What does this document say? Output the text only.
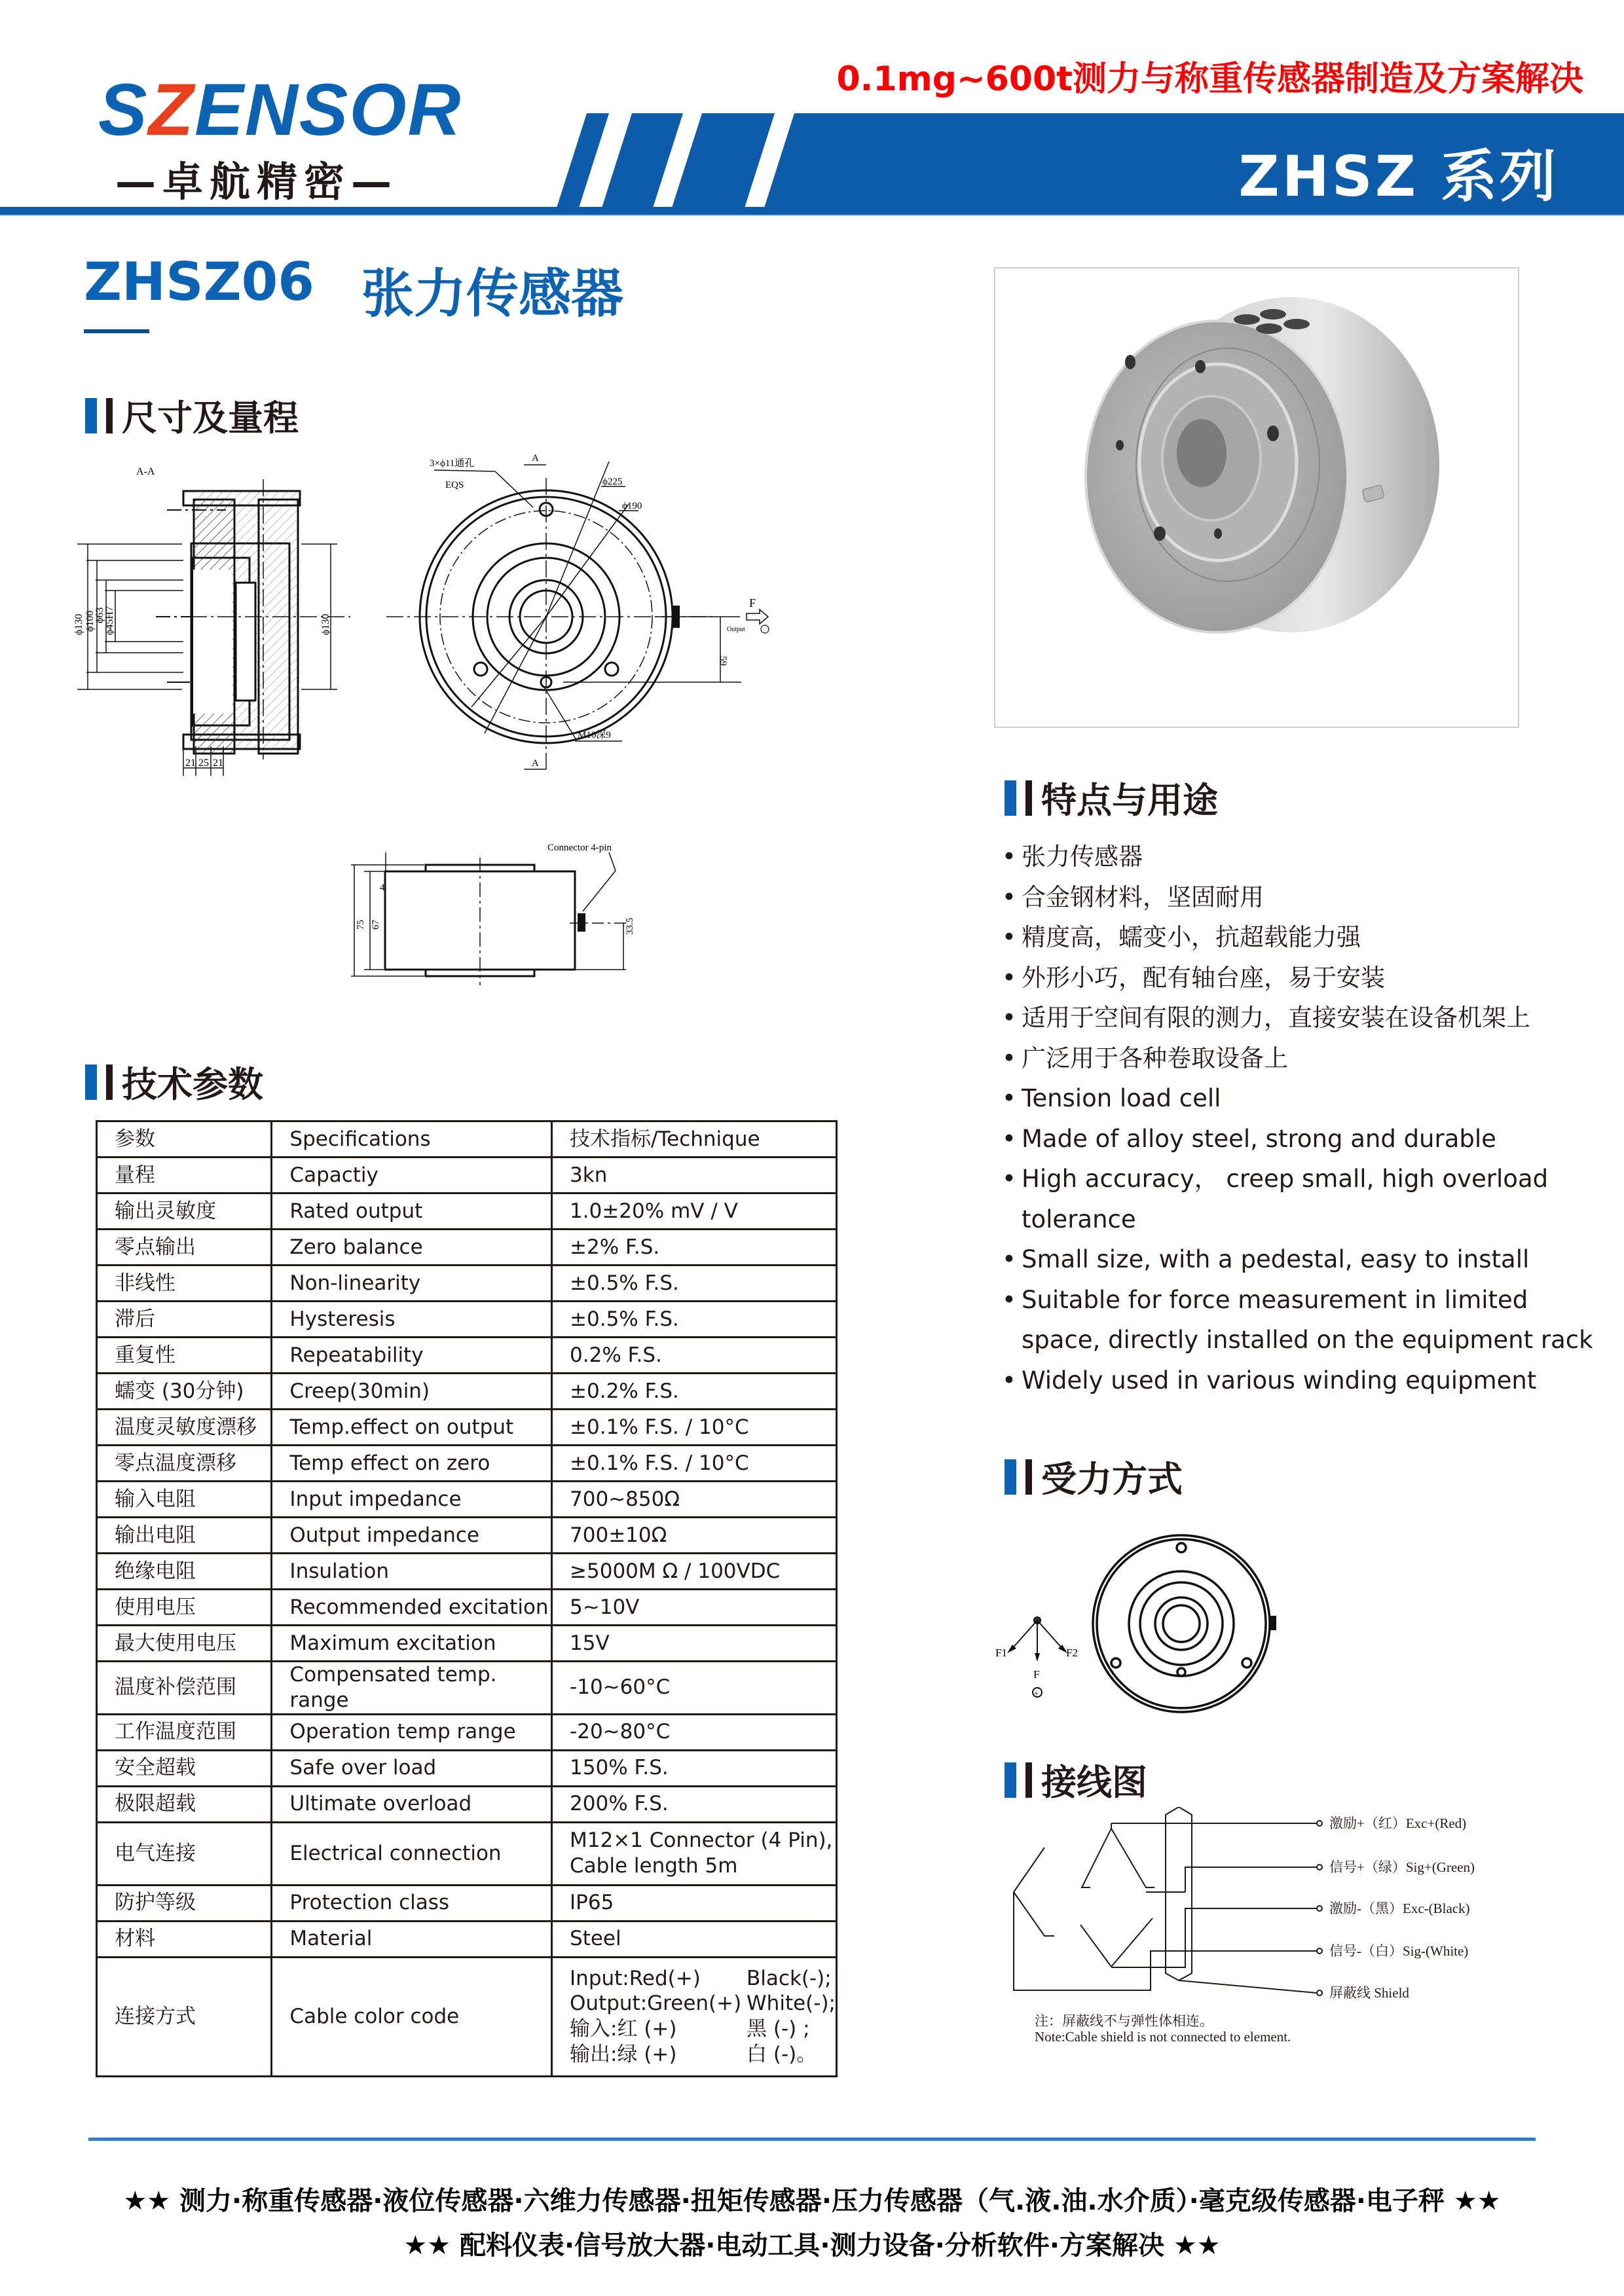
SZENSOR
—卓航精密—
0.1mg~600t测力与称重传感器制造及方案解决
ZHSZ 系列
ZHSZ06 张力传感器
尺寸及量程
A-A
ϕ130 ϕ100
ϕ63
ϕ45H7	ϕ130
21 25 21
3×ϕ11通孔
EQS
A
A
ϕ225
ϕ190
M10深9
F
Output
59
Connector 4-pin
75 67
4
33.5
技术参数
参数	Specifications	技术指标/Technique
量程	Capactiy	3kn
输出灵敏度	Rated output	1.0±20% mV / V
零点输出	Zero balance	±2% F.S.
非线性	Non-linearity	±0.5% F.S.
滞后	Hysteresis	±0.5% F.S.
重复性	Repeatability	0.2% F.S.
蠕变 (30分钟)	Creep(30min)	±0.2% F.S.
温度灵敏度漂移	Temp.effect on output	±0.1% F.S. / 10°C
零点温度漂移	Temp effect on zero	±0.1% F.S. / 10°C
输入电阻	Input impedance	700~850Ω
输出电阻	Output impedance	700±10Ω
绝缘电阻	Insulation	≥5000M Ω / 100VDC
使用电压	Recommended excitation	5~10V
最大使用电压	Maximum excitation	15V
温度补偿范围	Compensated temp. range	-10~60°C
工作温度范围	Operation temp range	-20~80°C
安全超载	Safe over load	150% F.S.
极限超载	Ultimate overload	200% F.S.
电气连接	Electrical connection	M12×1 Connector (4 Pin),
Cable length 5m

防护等级	Protection class	IP65
材料	Material	Steel
连接方式	Cable color code	
Input:Red(+)	Black(-);
Output:Green(+) White(-);
输入:红 (+)	黑 (-) ;
输出:绿 (+)	白 (-)。
特点与用途
• 张力传感器
• 合金钢材料，坚固耐用
• 精度高，蠕变小，抗超载能力强
• 外形小巧，配有轴台座，易于安装
• 适用于空间有限的测力，直接安装在设备机架上
• 广泛用于各种卷取设备上
• Tension load cell
• Made of alloy steel, strong and durable
• High accuracy， creep small, high overload
tolerance
• Small size, with a pedestal, easy to install
• Suitable for force measurement in limited
space, directly installed on the equipment rack
• Widely used in various winding equipment
受力方式
F1	F2
F
+
接线图
激励+（红）Exc+(Red)
信号+（绿）Sig+(Green)
激励-（黑）Exc-(Black)
信号-（白）Sig-(White)
屏蔽线 Shield
注：屏蔽线不与弹性体相连。
Note:Cable shield is not connected to element.
★★ 测力·称重传感器·液位传感器·六维力传感器·扭矩传感器·压力传感器（气.液.油.水介质）·毫克级传感器·电子秤 ★★
★★ 配料仪表·信号放大器·电动工具·测力设备·分析软件·方案解决 ★★
